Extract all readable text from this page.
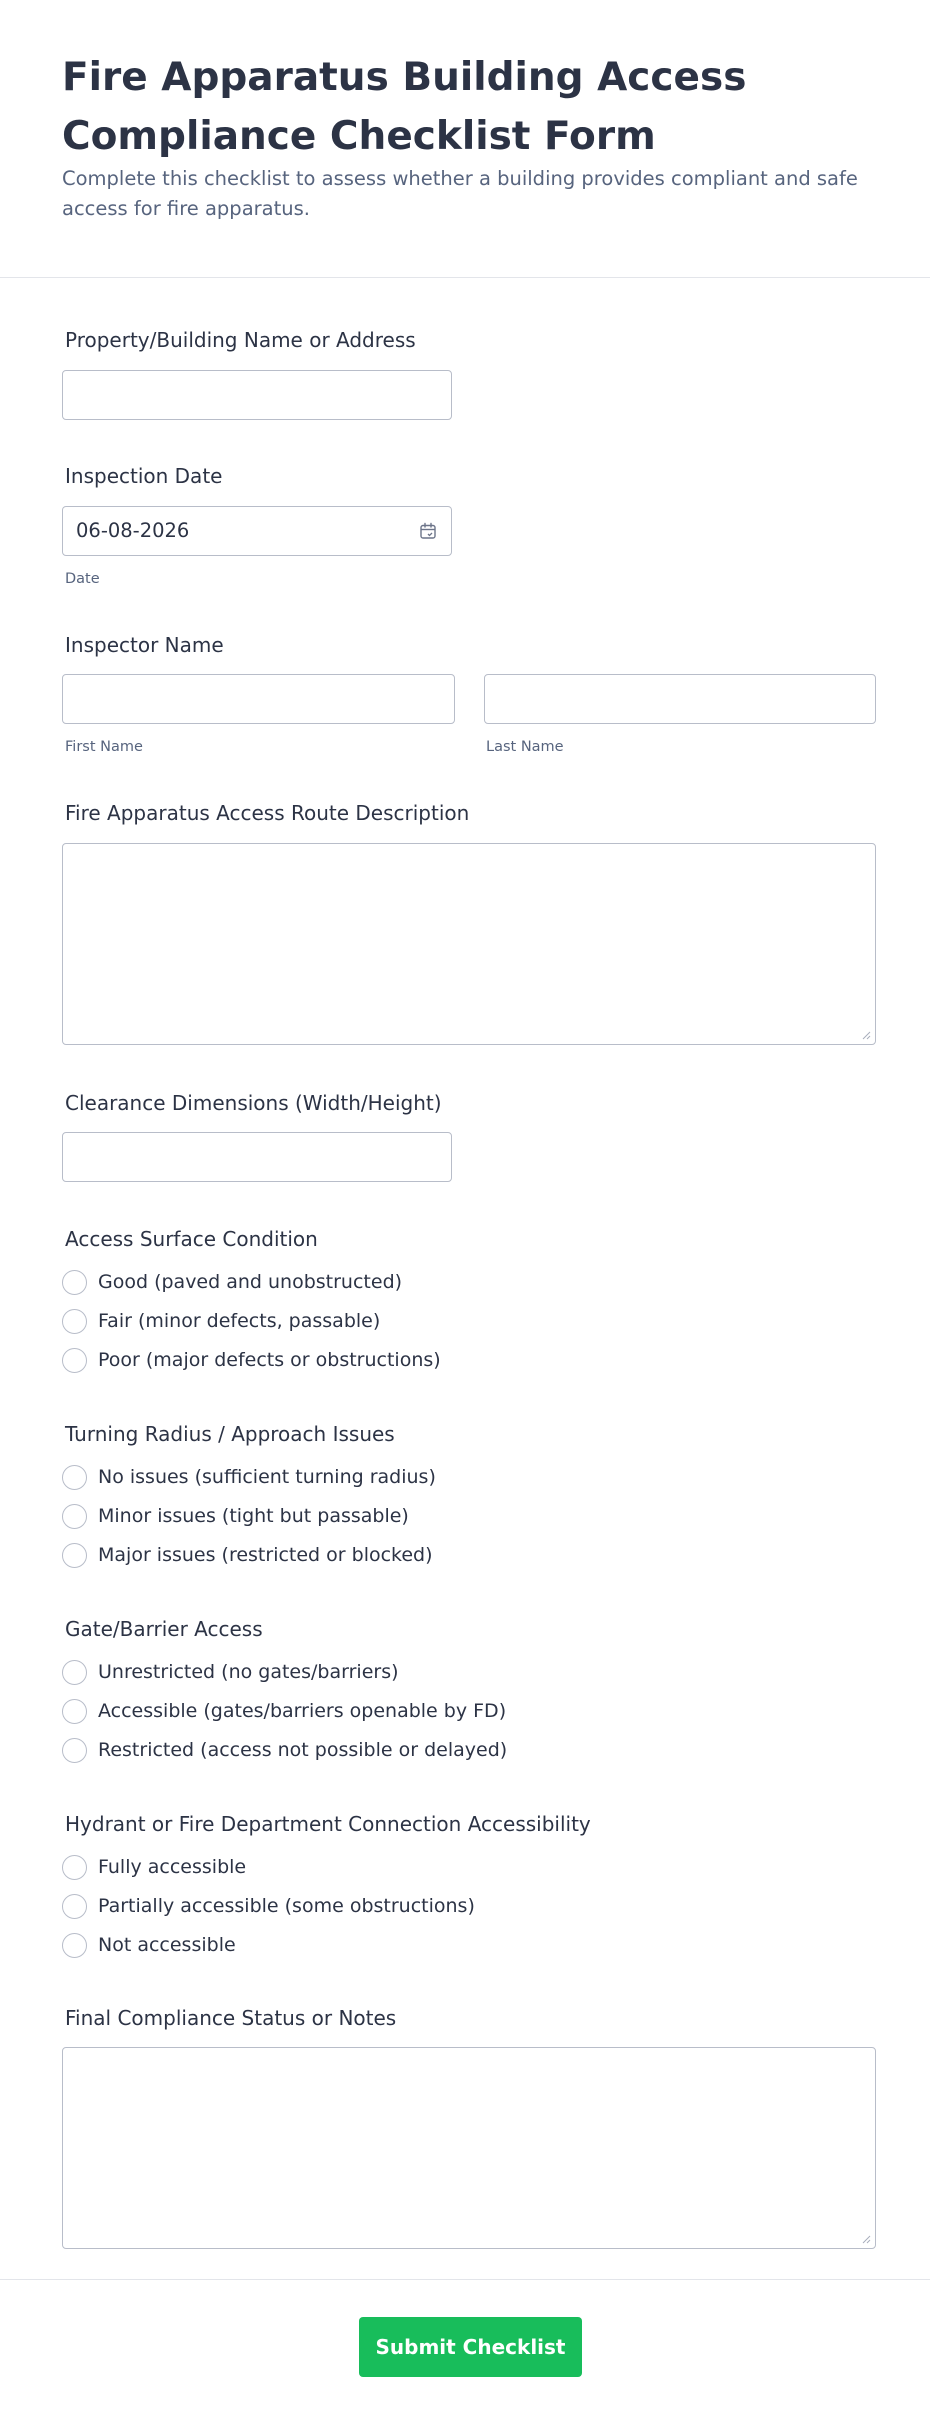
Fire Apparatus Building Access Compliance Checklist Form

Complete this checklist to assess whether a building provides compliant and safe access for fire apparatus.

Property/Building Name or Address
Inspection Date
06-08-2026
Date
Inspector Name
First Name	Last Name
Fire Apparatus Access Route Description
Clearance Dimensions (Width/Height)
Access Surface Condition
Good (paved and unobstructed)
Fair (minor defects, passable)
Poor (major defects or obstructions)
Turning Radius / Approach Issues
No issues (sufficient turning radius)
Minor issues (tight but passable)
Major issues (restricted or blocked)
Gate/Barrier Access
Unrestricted (no gates/barriers)
Accessible (gates/barriers openable by FD)
Restricted (access not possible or delayed)
Hydrant or Fire Department Connection Accessibility
Fully accessible
Partially accessible (some obstructions)
Not accessible
Final Compliance Status or Notes
Submit Checklist
